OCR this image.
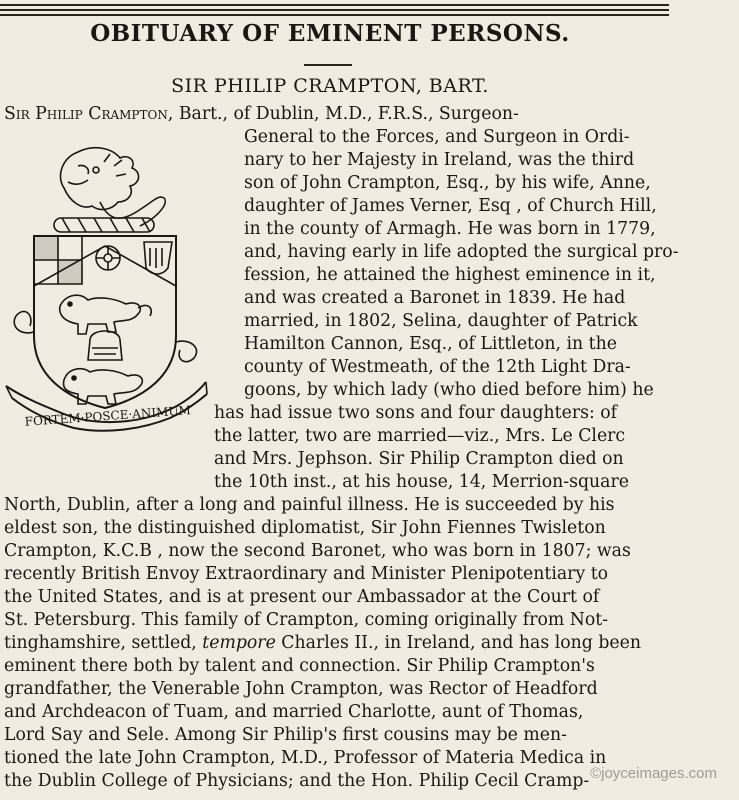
OBITUARY OF EMINENT PERSONS.
SIR PHILIP CRAMPTON, BART.
FORTEM·POSCE·ANIMUM
Sir Philip Crampton , Bart., of Dublin, M.D., F.R.S., Surgeon-
General to the Forces, and Surgeon in Ordi-
nary to her Majesty in Ireland, was the third
son of John Crampton, Esq., by his wife, Anne,
daughter of James Verner, Esq , of Church Hill,
in the county of Armagh. He was born in 1779,
and, having early in life adopted the surgical pro-
fession, he attained the highest eminence in it,
and was created a Baronet in 1839. He had
married, in 1802, Selina, daughter of Patrick
Hamilton Cannon, Esq., of Littleton, in the
county of Westmeath, of the 12th Light Dra-
goons, by which lady (who died before him) he
has had issue two sons and four daughters: of
the latter, two are married—viz., Mrs. Le Clerc
and Mrs. Jephson. Sir Philip Crampton died on
the 10th inst., at his house, 14, Merrion-square
North, Dublin, after a long and painful illness. He is succeeded by his
eldest son, the distinguished diplomatist, Sir John Fiennes Twisleton
Crampton, K.C.B , now the second Baronet, who was born in 1807; was
recently British Envoy Extraordinary and Minister Plenipotentiary to
the United States, and is at present our Ambassador at the Court of
St. Petersburg. This family of Crampton, coming originally from Not-
tinghamshire, settled, tempore Charles II., in Ireland, and has long been
eminent there both by talent and connection. Sir Philip Crampton's
grandfather, the Venerable John Crampton, was Rector of Headford
and Archdeacon of Tuam, and married Charlotte, aunt of Thomas,
Lord Say and Sele. Among Sir Philip's first cousins may be men-
tioned the late John Crampton, M.D., Professor of Materia Medica in
the Dublin College of Physicians; and the Hon. Philip Cecil Cramp- ©joyceimages.com
